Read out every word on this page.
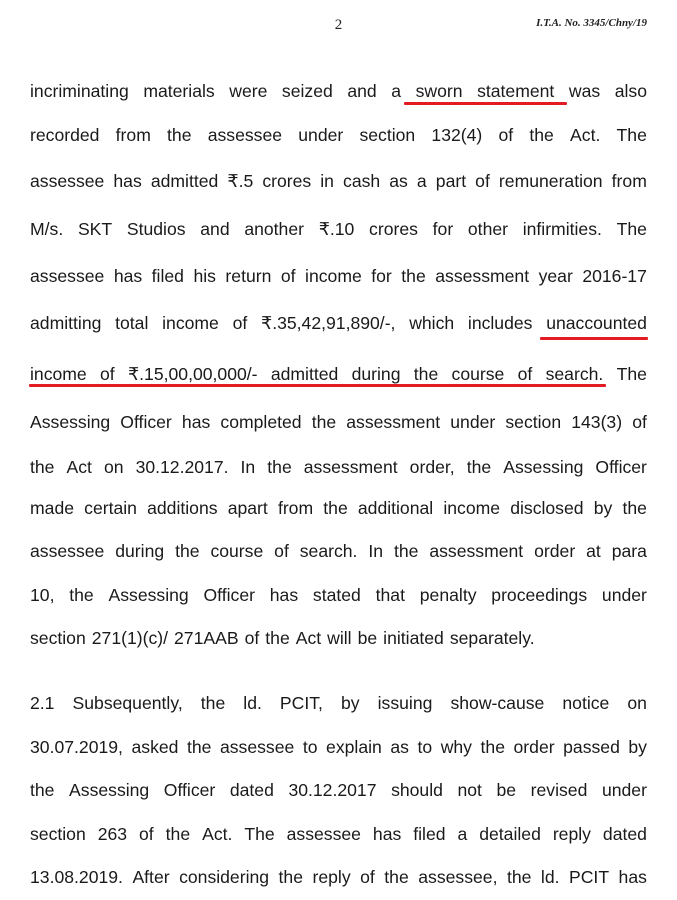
2	I.T.A. No. 3345/Chny/19
incriminating materials were seized and a sworn statement was also
recorded from the assessee under section 132(4) of the Act. The
assessee has admitted ₹.5 crores in cash as a part of remuneration from
M/s. SKT Studios and another ₹.10 crores for other infirmities. The
assessee has filed his return of income for the assessment year 2016-17
admitting total income of ₹.35,42,91,890/-, which includes unaccounted
income of ₹.15,00,00,000/- admitted during the course of search. The
Assessing Officer has completed the assessment under section 143(3) of
the Act on 30.12.2017. In the assessment order, the Assessing Officer
made certain additions apart from the additional income disclosed by the
assessee during the course of search. In the assessment order at para
10, the Assessing Officer has stated that penalty proceedings under
section 271(1)(c)/ 271AAB of the Act will be initiated separately.
2.1 Subsequently, the ld. PCIT, by issuing show-cause notice on
30.07.2019, asked the assessee to explain as to why the order passed by
the Assessing Officer dated 30.12.2017 should not be revised under
section 263 of the Act. The assessee has filed a detailed reply dated
13.08.2019. After considering the reply of the assessee, the ld. PCIT has
